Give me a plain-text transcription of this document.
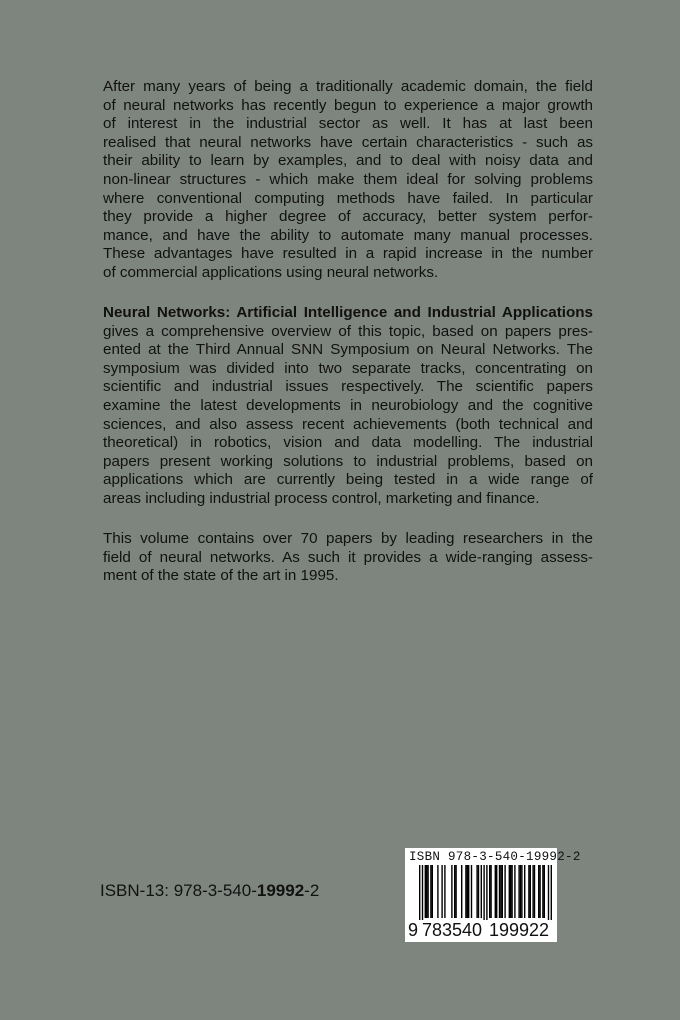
After many years of being a traditionally academic domain, the field
of neural networks has recently begun to experience a major growth
of interest in the industrial sector as well. It has at last been
realised that neural networks have certain characteristics - such as
their ability to learn by examples, and to deal with noisy data and
non-linear structures - which make them ideal for solving problems
where conventional computing methods have failed. In particular
they provide a higher degree of accuracy, better system perfor-
mance, and have the ability to automate many manual processes.
These advantages have resulted in a rapid increase in the number
of commercial applications using neural networks.
Neural Networks: Artificial Intelligence and Industrial Applications
gives a comprehensive overview of this topic, based on papers pres-
ented at the Third Annual SNN Symposium on Neural Networks. The
symposium was divided into two separate tracks, concentrating on
scientific and industrial issues respectively. The scientific papers
examine the latest developments in neurobiology and the cognitive
sciences, and also assess recent achievements (both technical and
theoretical) in robotics, vision and data modelling. The industrial
papers present working solutions to industrial problems, based on
applications which are currently being tested in a wide range of
areas including industrial process control, marketing and finance.
This volume contains over 70 papers by leading researchers in the
field of neural networks. As such it provides a wide-ranging assess-
ment of the state of the art in 1995.
ISBN-13: 978-3-540-19992-2
ISBN 978-3-540-19992-2
9 783540 199922
